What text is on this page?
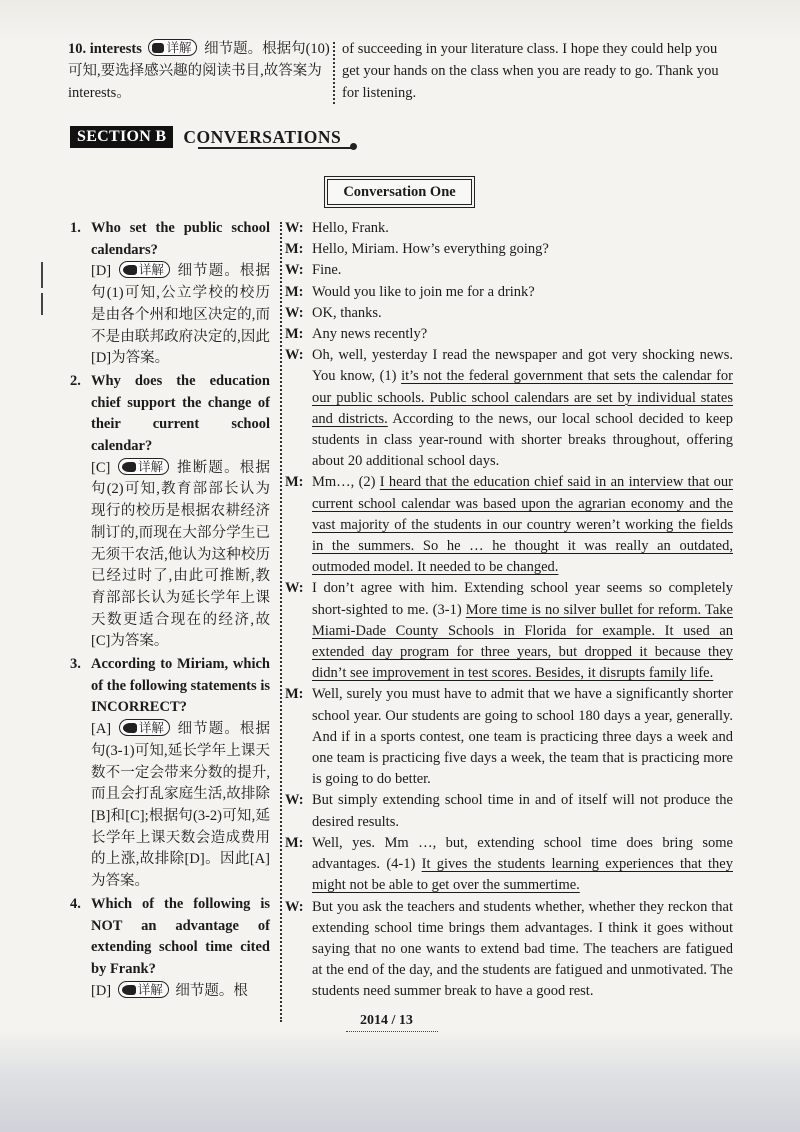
10. interests 详解 细节题。根据句(10)可知,要选择感兴趣的阅读书目,故答案为 interests。
of succeeding in your literature class. I hope they could help you get your hands on the class when you are ready to go. Thank you for listening.
SECTION B CONVERSATIONS
Conversation One
1. Who set the public school calendars?
[D] 详解 细节题。根据句(1)可知,公立学校的校历是由各个州和地区决定的,而不是由联邦政府决定的,因此[D]为答案。
2. Why does the education chief support the change of their current school calendar?
[C] 详解 推断题。根据句(2)可知,教育部部长认为现行的校历是根据农耕经济制订的,而现在大部分学生已无须干农活,他认为这种校历已经过时了,由此可推断,教育部部长认为延长学年上课天数更适合现在的经济,故[C]为答案。
3. According to Miriam, which of the following statements is INCORRECT?
[A] 详解 细节题。根据句(3-1)可知,延长学年上课天数不一定会带来分数的提升,而且会打乱家庭生活,故排除[B]和[C];根据句(3-2)可知,延长学年上课天数会造成费用的上涨,故排除[D]。因此[A]为答案。
4. Which of the following is NOT an advantage of extending school time cited by Frank?
[D] 详解 细节题。根
W: Hello, Frank.
M: Hello, Miriam. How’s everything going?
W: Fine.
M: Would you like to join me for a drink?
W: OK, thanks.
M: Any news recently?
W: Oh, well, yesterday I read the newspaper and got very shocking news. You know, (1) it’s not the federal government that sets the calendar for our public schools. Public school calendars are set by individual states and districts. According to the news, our local school decided to keep students in class year-round with shorter breaks throughout, offering about 20 additional school days.
M: Mm…, (2) I heard that the education chief said in an interview that our current school calendar was based upon the agrarian economy and the vast majority of the students in our country weren’t working the fields in the summers. So he … he thought it was really an outdated, outmoded model. It needed to be changed.
W: I don’t agree with him. Extending school year seems so completely short-sighted to me. (3-1) More time is no silver bullet for reform. Take Miami-Dade County Schools in Florida for example. It used an extended day program for three years, but dropped it because they didn’t see improvement in test scores. Besides, it disrupts family life.
M: Well, surely you must have to admit that we have a significantly shorter school year. Our students are going to school 180 days a year, generally. And if in a sports contest, one team is practicing three days a week and one team is practicing five days a week, the team that is practicing more is going to do better.
W: But simply extending school time in and of itself will not produce the desired results.
M: Well, yes. Mm …, but, extending school time does bring some advantages. (4-1) It gives the students learning experiences that they might not be able to get over the summertime.
W: But you ask the teachers and students whether, whether they reckon that extending school time brings them advantages. I think it goes without saying that no one wants to extend bad time. The teachers are fatigued at the end of the day, and the students are fatigued and unmotivated. The students need summer break to have a good rest.
2014 / 13
